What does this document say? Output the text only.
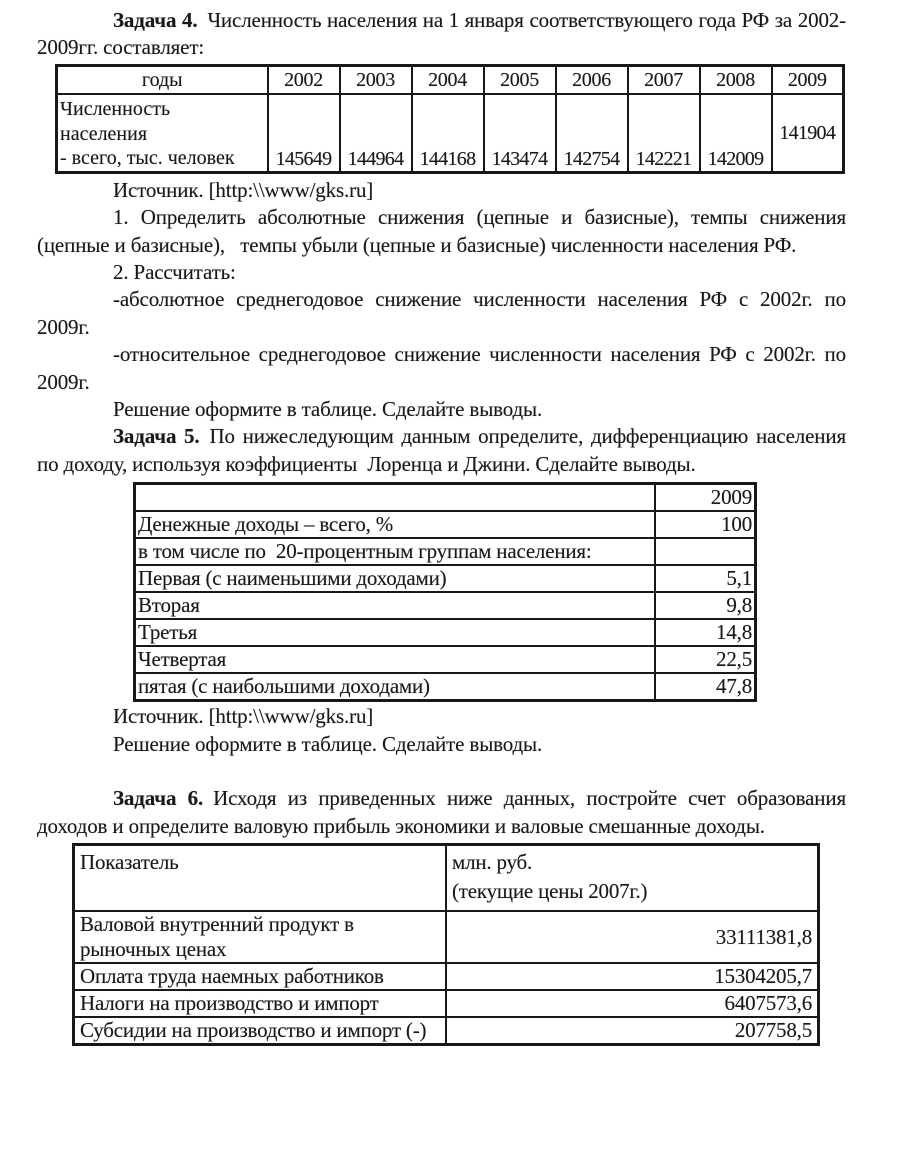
Задача 4. Численность населения на 1 января соответствующего года РФ за 2002-2009гг. составляет:

годы	2002	2003	2004	2005	2006	2007	2008	2009

Численность
населения
- всего, тыс. человек	145649	144964	144168	143474	142754	142221	142009	141904

Источник. [http:\\www/gks.ru]

1. Определить абсолютные снижения (цепные и базисные), темпы снижения (цепные и базисные),   темпы убыли (цепные и базисные) численности населения РФ.

2. Рассчитать:

-абсолютное среднегодовое снижение численности населения РФ с 2002г. по 2009г.

-относительное среднегодовое снижение численности населения РФ с 2002г. по 2009г.

Решение оформите в таблице. Сделайте выводы.

Задача 5. По нижеследующим данным определите, дифференциацию населения по доходу, используя коэффициенты  Лоренца и Джини. Сделайте выводы.

	2009
Денежные доходы – всего, %	100
в том числе по  20-процентным группам населения:	
Первая (с наименьшими доходами)	5,1
Вторая	9,8
Третья	14,8
Четвертая	22,5
пятая (с наибольшими доходами)	47,8

Источник. [http:\\www/gks.ru]

Решение оформите в таблице. Сделайте выводы.

Задача 6. Исходя из приведенных ниже данных, постройте счет образования доходов и определите валовую прибыль экономики и валовые смешанные доходы.

Показатель	млн. руб.
(текущие цены 2007г.)

Валовой внутренний продукт в рыночных ценах	33111381,8
Оплата труда наемных работников	15304205,7
Налоги на производство и импорт	6407573,6
Субсидии на производство и импорт (-)	207758,5
